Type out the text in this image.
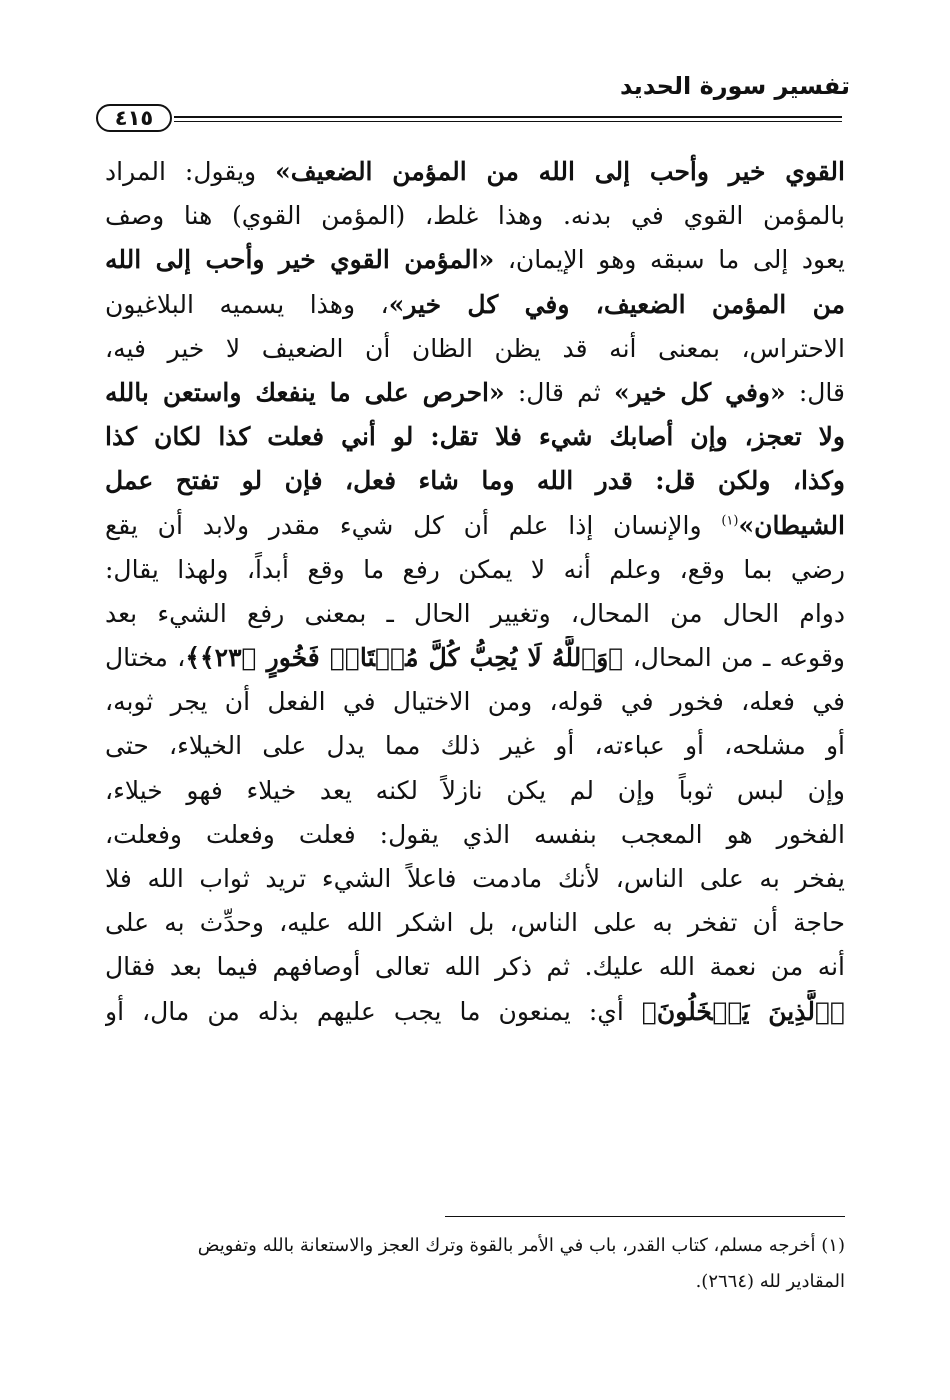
تفسير سورة الحديد
٤١٥
القوي خير وأحب إلى الله من المؤمن الضعيف» ويقول: المراد
بالمؤمن القوي في بدنه. وهذا غلط، (المؤمن القوي) هنا وصف
يعود إلى ما سبقه وهو الإيمان، «المؤمن القوي خير وأحب إلى الله
من المؤمن الضعيف، وفي كل خير»، وهذا يسميه البلاغيون
الاحتراس، بمعنى أنه قد يظن الظان أن الضعيف لا خير فيه،
قال: «وفي كل خير» ثم قال: «احرص على ما ينفعك واستعن بالله
ولا تعجز، وإن أصابك شيء فلا تقل: لو أني فعلت كذا لكان كذا
وكذا، ولكن قل: قدر الله وما شاء فعل، فإن لو تفتح عمل
الشيطان»$^{(١)}$ والإنسان إذا علم أن كل شيء مقدر ولابد أن يقع
رضي بما وقع، وعلم أنه لا يمكن رفع ما وقع أبداً، ولهذا يقال:
دوام الحال من المحال، وتغيير الحال ـ بمعنى رفع الشيء بعد
وقوعه ـ من المحال، ﴿وَٱللَّهُ لَا يُحِبُّ كُلَّ مُخۡتَالٖ فَخُورٍ ﴿٢٣﴾﴾، مختال
في فعله، فخور في قوله، ومن الاختيال في الفعل أن يجر ثوبه،
أو مشلحه، أو عباءته، أو غير ذلك مما يدل على الخيلاء، حتى
وإن لبس ثوباً وإن لم يكن نازلاً لكنه يعد خيلاء فهو خيلاء،
الفخور هو المعجب بنفسه الذي يقول: فعلت وفعلت وفعلت،
يفخر به على الناس، لأنك مادمت فاعلاً الشيء تريد ثواب الله فلا
حاجة أن تفخر به على الناس، بل اشكر الله عليه، وحدِّث به على
أنه من نعمة الله عليك. ثم ذكر الله تعالى أوصافهم فيما بعد فقال
﴿ٱلَّذِينَ يَبۡخَلُونَ﴾ أي: يمنعون ما يجب عليهم بذله من مال، أو
(١) أخرجه مسلم، كتاب القدر، باب في الأمر بالقوة وترك العجز والاستعانة بالله وتفويض
المقادير لله (٢٦٦٤).
